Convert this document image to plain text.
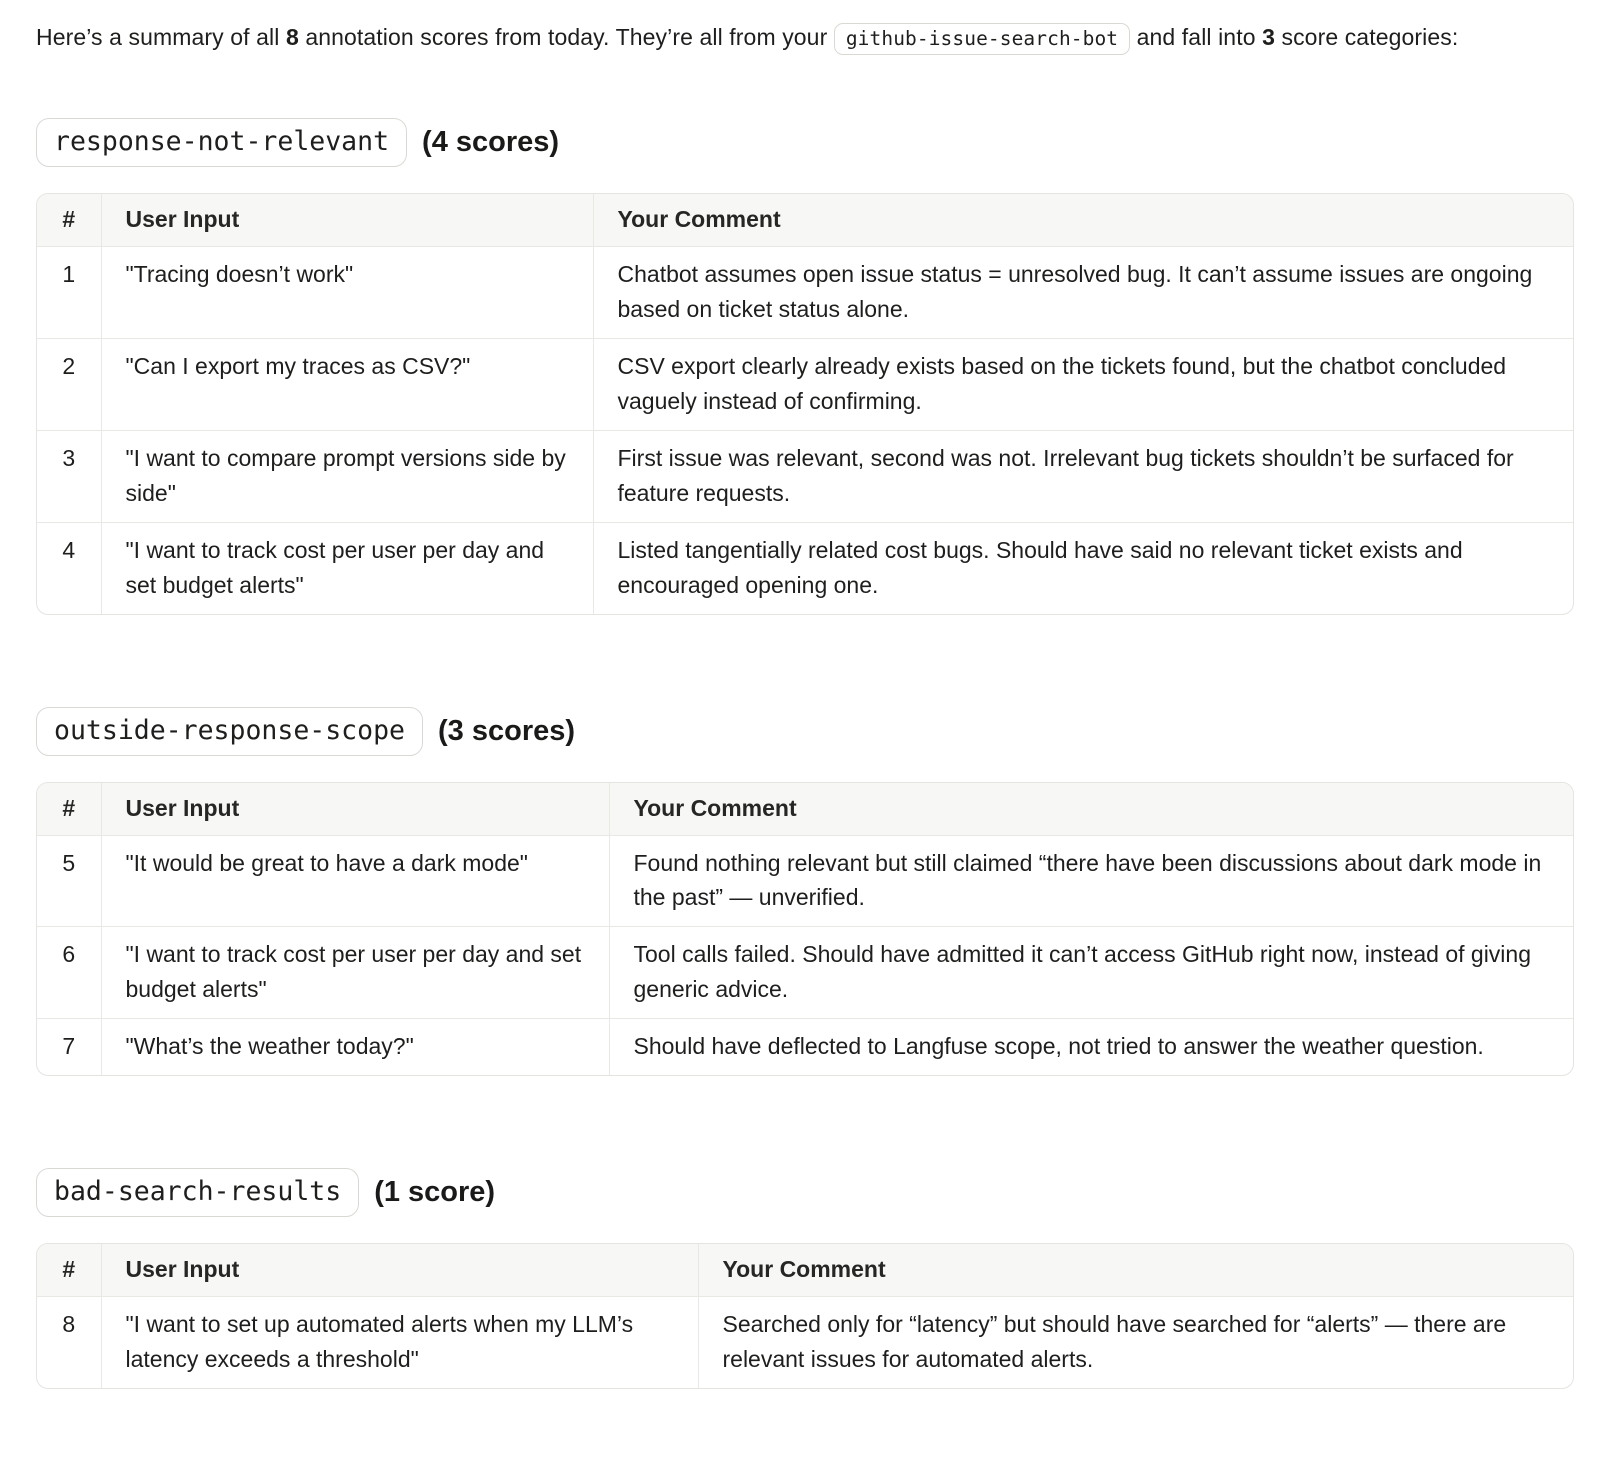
Here’s a summary of all 8 annotation scores from today. They’re all from your github-issue-search-bot and fall into 3 score categories:

response-not-relevant	(4 scores)
#	User Input	Your Comment
1	"Tracing doesn’t work"	Chatbot assumes open issue status = unresolved bug. It can’t assume issues are ongoing based on ticket status alone.
2	"Can I export my traces as CSV?"	CSV export clearly already exists based on the tickets found, but the chatbot concluded vaguely instead of confirming.
3	"I want to compare prompt versions side by side"	First issue was relevant, second was not. Irrelevant bug tickets shouldn’t be surfaced for feature requests.
4	"I want to track cost per user per day and set budget alerts"	Listed tangentially related cost bugs. Should have said no relevant ticket exists and encouraged opening one.
outside-response-scope	(3 scores)
#	User Input	Your Comment
5	"It would be great to have a dark mode"	Found nothing relevant but still claimed “there have been discussions about dark mode in the past” — unverified.
6	"I want to track cost per user per day and set budget alerts"	Tool calls failed. Should have admitted it can’t access GitHub right now, instead of giving generic advice.
7	"What’s the weather today?"	Should have deflected to Langfuse scope, not tried to answer the weather question.
bad-search-results	(1 score)
#	User Input	Your Comment
8	"I want to set up automated alerts when my LLM’s latency exceeds a threshold"	Searched only for “latency” but should have searched for “alerts” — there are relevant issues for automated alerts.
